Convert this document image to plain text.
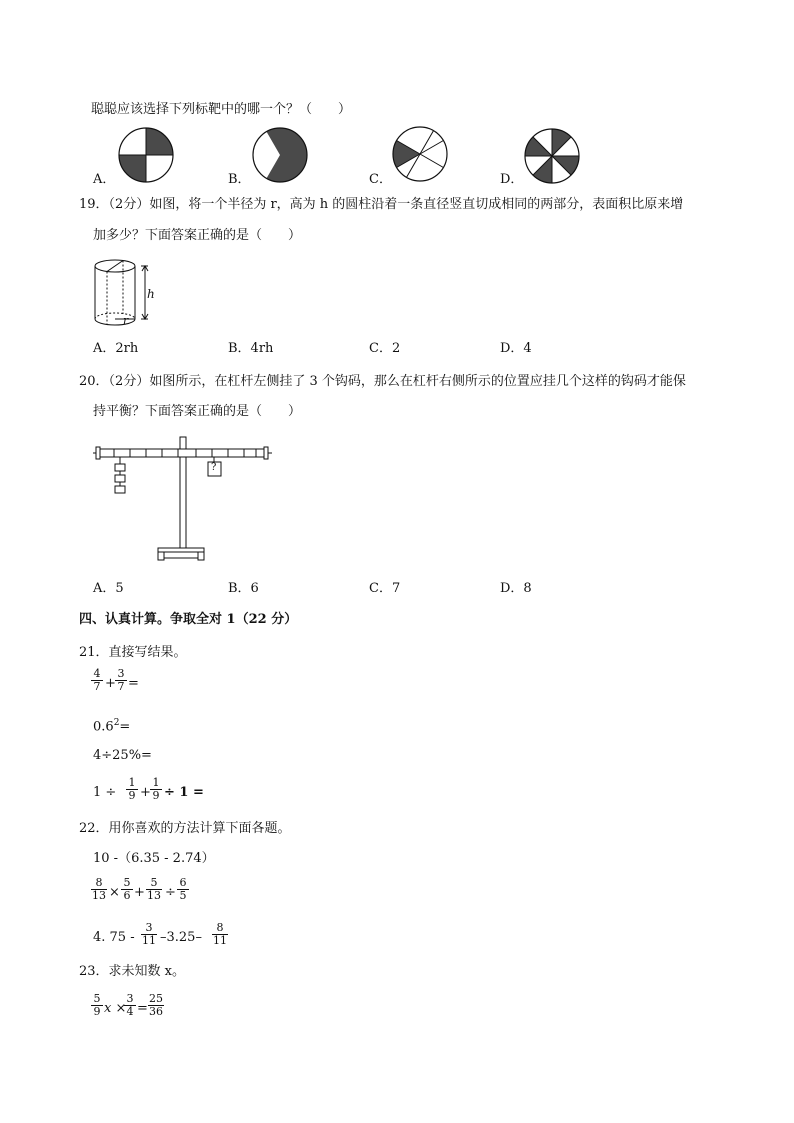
聪聪应该选择下列标靶中的哪一个？（　　）
A．	B．	C．	D．
19．（2分）如图，将一个半径为 r，高为 h 的圆柱沿着一条直径竖直切成相同的两部分，表面积比原来增
加多少？下面答案正确的是（　　）
h
r
A．2rh	B．4rh	C．2	D．4
20．（2分）如图所示，在杠杆左侧挂了 3 个钩码，那么在杠杆右侧所示的位置应挂几个这样的钩码才能保
持平衡？下面答案正确的是（　　）
?
A．5	B．6	C．7	D．8
四、认真计算。争取全对 1（22 分）
21．直接写结果。
$\frac{4}{7} + \frac{3}{7}$ =
$0.6^2=$
4÷25%=
$1 \div \frac{1}{9} + \frac{1}{9} \div 1$ =
22．用你喜欢的方法计算下面各题。
10 -（6.35 - 2.74）
$\frac{8}{13} \times \frac{5}{6} + \frac{5}{13} \div \frac{6}{5}$
4. $75 - \frac{3}{11} -3.25- \frac{8}{11}$
23．求未知数 x。
$\frac{5}{9}$ x ×
$\frac{3}{4} = \frac{25}{36}$
